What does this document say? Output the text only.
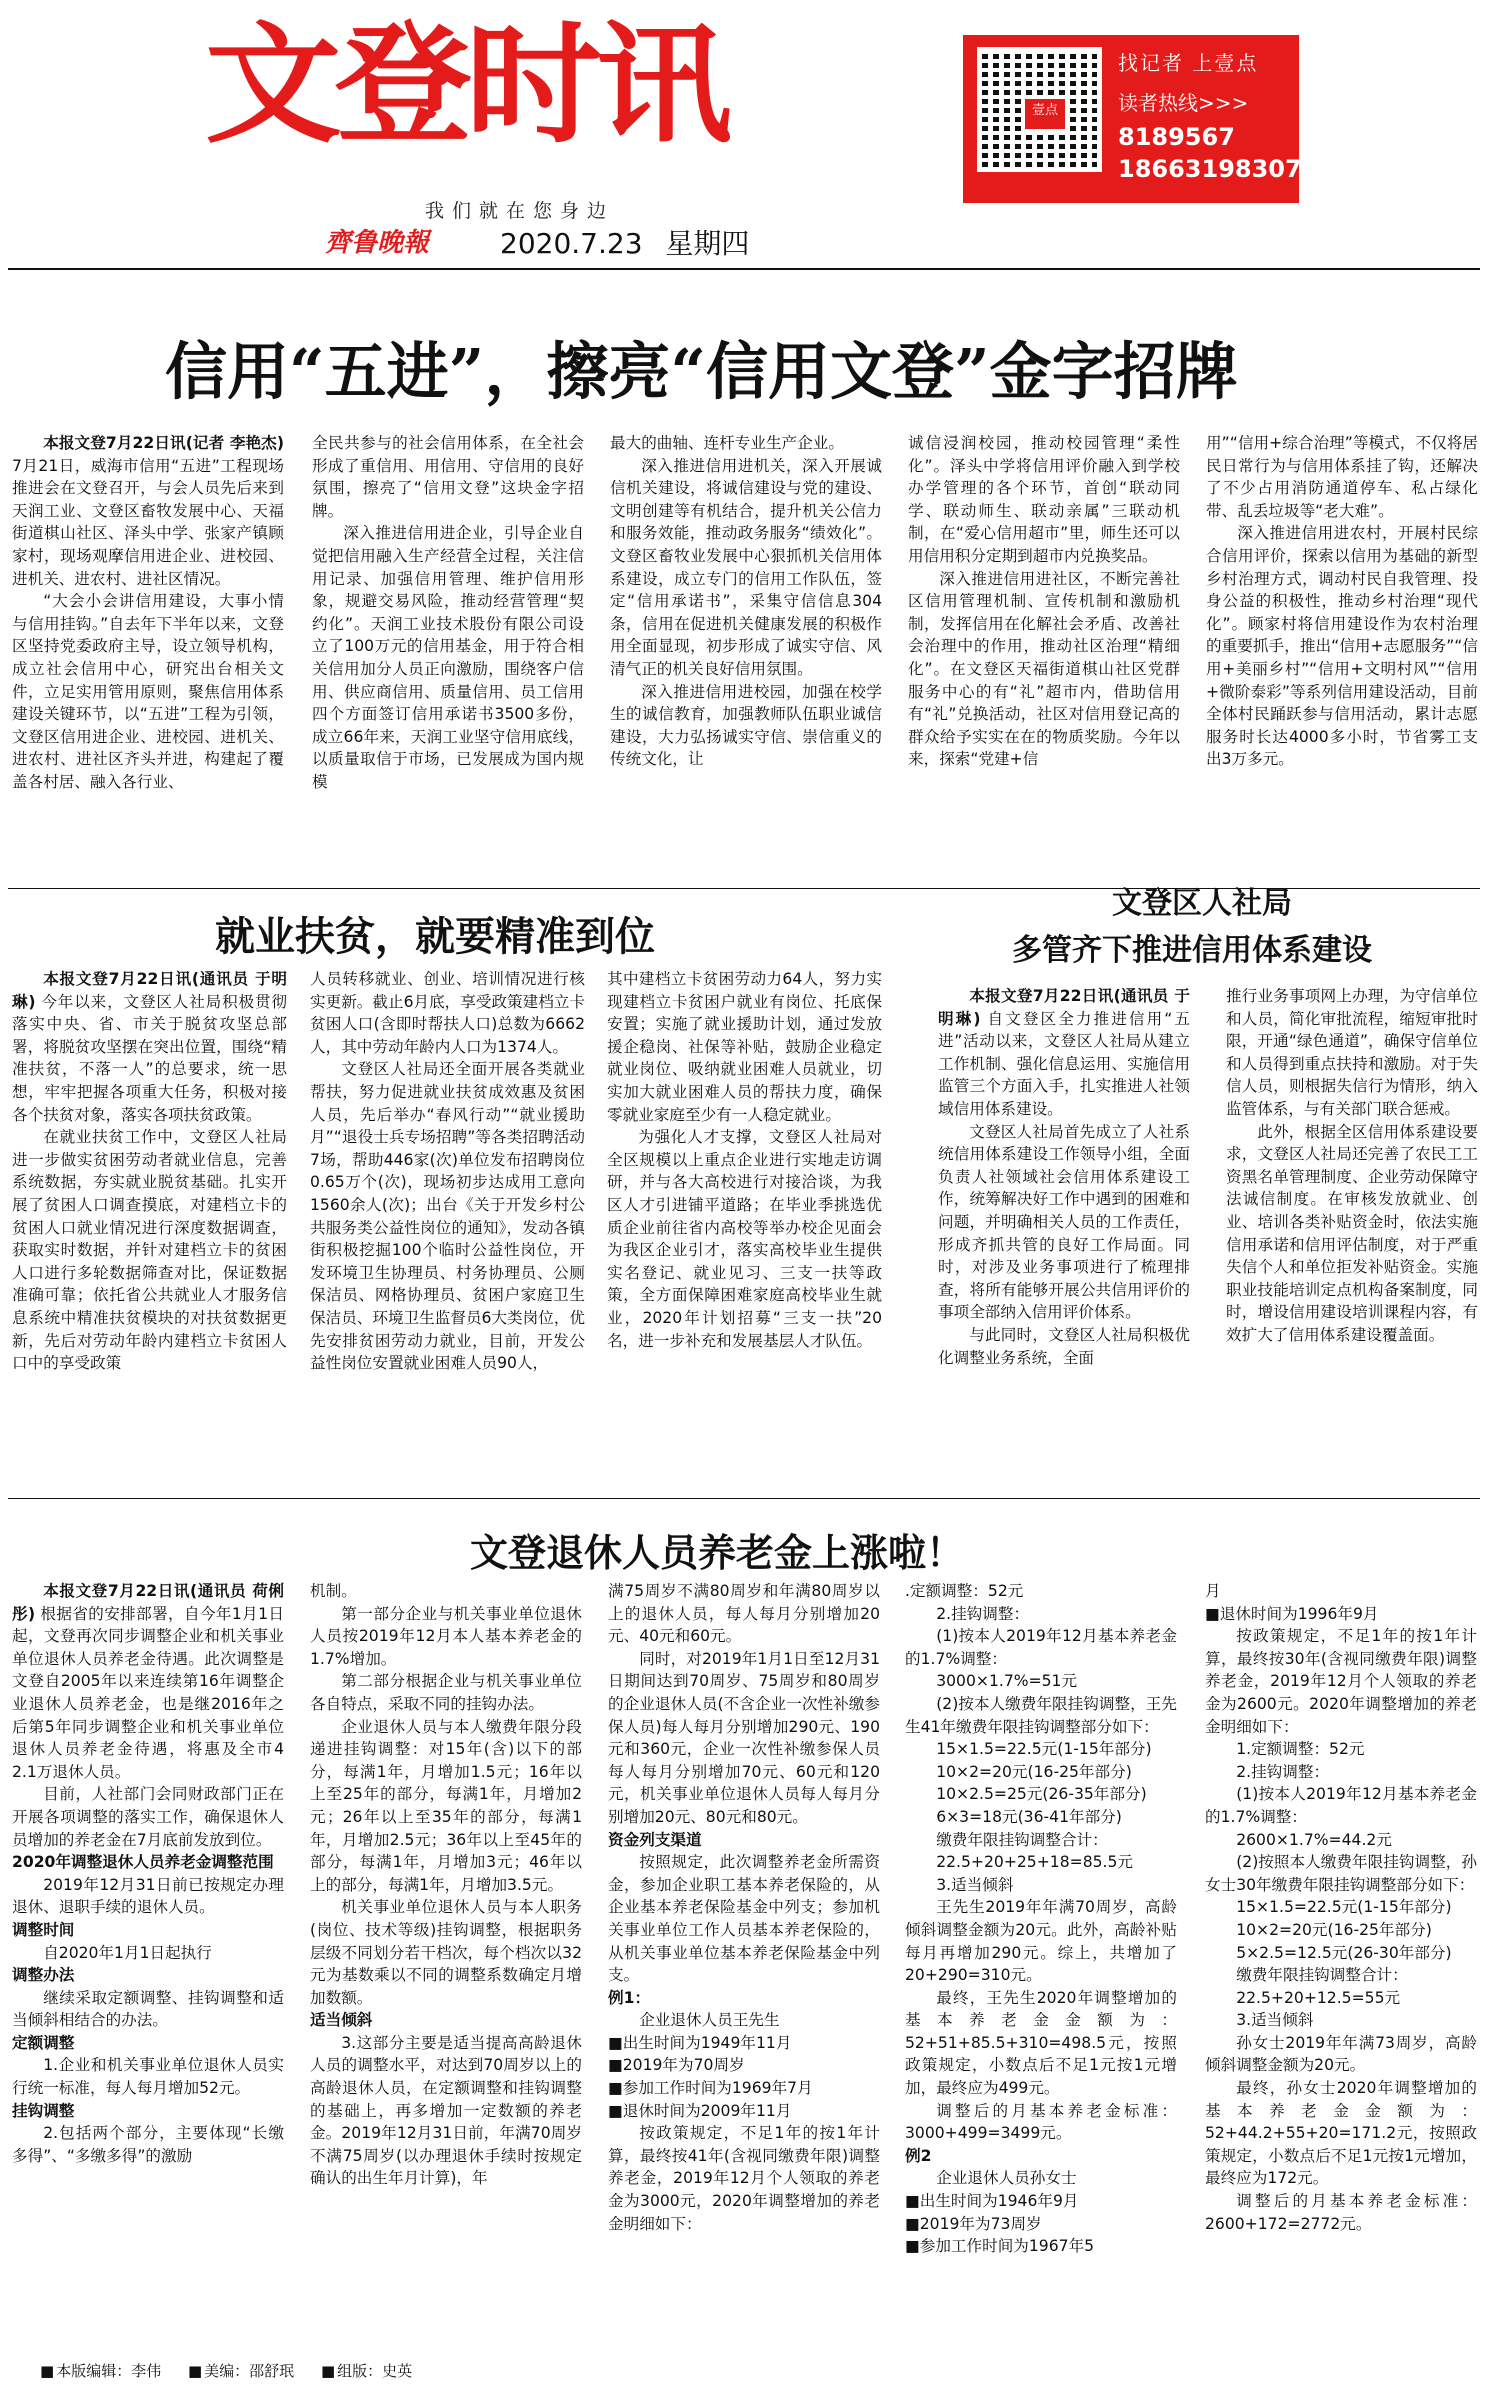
文登时讯	壹点
找记者 上壹点
读者热线>>>
8189567
18663198307
我们就在您身边
齊鲁晚報	2020.7.23 星期四
信用“五进”，擦亮“信用文登”金字招牌

本报文登7月22日讯(记者 李艳杰) 7月21日，威海市信用“五进”工程现场推进会在文登召开，与会人员先后来到天润工业、文登区畜牧发展中心、天福街道棋山社区、泽头中学、张家产镇顾家村，现场观摩信用进企业、进校园、进机关、进农村、进社区情况。

“大会小会讲信用建设，大事小情与信用挂钩。”自去年下半年以来，文登区坚持党委政府主导，设立领导机构，成立社会信用中心，研究出台相关文件，立足实用管用原则，聚焦信用体系建设关键环节，以“五进”工程为引领，文登区信用进企业、进校园、进机关、进农村、进社区齐头并进，构建起了覆盖各村居、融入各行业、

全民共参与的社会信用体系，在全社会形成了重信用、用信用、守信用的良好氛围，擦亮了“信用文登”这块金字招牌。

深入推进信用进企业，引导企业自觉把信用融入生产经营全过程，关注信用记录、加强信用管理、维护信用形象，规避交易风险，推动经营管理“契约化”。天润工业技术股份有限公司设立了100万元的信用基金，用于符合相关信用加分人员正向激励，围绕客户信用、供应商信用、质量信用、员工信用四个方面签订信用承诺书3500多份，成立66年来，天润工业坚守信用底线，以质量取信于市场，已发展成为国内规模

最大的曲轴、连杆专业生产企业。

深入推进信用进机关，深入开展诚信机关建设，将诚信建设与党的建设、文明创建等有机结合，提升机关公信力和服务效能，推动政务服务“绩效化”。文登区畜牧业发展中心狠抓机关信用体系建设，成立专门的信用工作队伍，签定“信用承诺书”，采集守信信息304条，信用在促进机关健康发展的积极作用全面显现，初步形成了诚实守信、风清气正的机关良好信用氛围。

深入推进信用进校园，加强在校学生的诚信教育，加强教师队伍职业诚信建设，大力弘扬诚实守信、崇信重义的传统文化，让

诚信浸润校园，推动校园管理“柔性化”。泽头中学将信用评价融入到学校办学管理的各个环节，首创“联动同学、联动师生、联动亲属”三联动机制，在“爱心信用超市”里，师生还可以用信用积分定期到超市内兑换奖品。

深入推进信用进社区，不断完善社区信用管理机制、宣传机制和激励机制，发挥信用在化解社会矛盾、改善社会治理中的作用，推动社区治理“精细化”。在文登区天福街道棋山社区党群服务中心的有“礼”超市内，借助信用有“礼”兑换活动，社区对信用登记高的群众给予实实在在的物质奖励。今年以来，探索“党建+信

用”“信用+综合治理”等模式，不仅将居民日常行为与信用体系挂了钩，还解决了不少占用消防通道停车、私占绿化带、乱丢垃圾等“老大难”。

深入推进信用进农村，开展村民综合信用评价，探索以信用为基础的新型乡村治理方式，调动村民自我管理、投身公益的积极性，推动乡村治理“现代化”。顾家村将信用建设作为农村治理的重要抓手，推出“信用+志愿服务”“信用+美丽乡村”“信用+文明村风”“信用+微阶泰彩”等系列信用建设活动，目前全体村民踊跃参与信用活动，累计志愿服务时长达4000多小时，节省雾工支出3万多元。

就业扶贫，就要精准到位

本报文登7月22日讯(通讯员 于明琳) 今年以来，文登区人社局积极贯彻落实中央、省、市关于脱贫攻坚总部署，将脱贫攻坚摆在突出位置，围绕“精准扶贫，不落一人”的总要求，统一思想，牢牢把握各项重大任务，积极对接各个扶贫对象，落实各项扶贫政策。

在就业扶贫工作中，文登区人社局进一步做实贫困劳动者就业信息，完善系统数据，夯实就业脱贫基础。扎实开展了贫困人口调查摸底，对建档立卡的贫困人口就业情况进行深度数据调查，获取实时数据，并针对建档立卡的贫困人口进行多轮数据筛查对比，保证数据准确可靠；依托省公共就业人才服务信息系统中精准扶贫模块的对扶贫数据更新，先后对劳动年龄内建档立卡贫困人口中的享受政策

人员转移就业、创业、培训情况进行核实更新。截止6月底，享受政策建档立卡贫困人口(含即时帮扶人口)总数为6662人，其中劳动年龄内人口为1374人。

文登区人社局还全面开展各类就业帮扶，努力促进就业扶贫成效惠及贫困人员，先后举办“春风行动”“就业援助月”“退役士兵专场招聘”等各类招聘活动7场，帮助446家(次)单位发布招聘岗位0.65万个(次)，现场初步达成用工意向1560余人(次)；出台《关于开发乡村公共服务类公益性岗位的通知》，发动各镇街积极挖掘100个临时公益性岗位，开发环境卫生协理员、村务协理员、公厕保洁员、网格协理员、贫困户家庭卫生保洁员、环境卫生监督员6大类岗位，优先安排贫困劳动力就业，目前，开发公益性岗位安置就业困难人员90人，

其中建档立卡贫困劳动力64人，努力实现建档立卡贫困户就业有岗位、托底保安置；实施了就业援助计划，通过发放援企稳岗、社保等补贴，鼓励企业稳定就业岗位、吸纳就业困难人员就业，切实加大就业困难人员的帮扶力度，确保零就业家庭至少有一人稳定就业。

为强化人才支撑，文登区人社局对全区规模以上重点企业进行实地走访调研，并与各大高校进行对接洽谈，为我区人才引进铺平道路；在毕业季挑选优质企业前往省内高校等举办校企见面会为我区企业引才，落实高校毕业生提供实名登记、就业见习、三支一扶等政策，全方面保障困难家庭高校毕业生就业，2020年计划招募“三支一扶”20名，进一步补充和发展基层人才队伍。

文登区人社局
多管齐下推进信用体系建设

本报文登7月22日讯(通讯员 于明琳) 自文登区全力推进信用“五进”活动以来，文登区人社局从建立工作机制、强化信息运用、实施信用监管三个方面入手，扎实推进人社领域信用体系建设。

文登区人社局首先成立了人社系统信用体系建设工作领导小组，全面负责人社领域社会信用体系建设工作，统筹解决好工作中遇到的困难和问题，并明确相关人员的工作责任，形成齐抓共管的良好工作局面。同时，对涉及业务事项进行了梳理排查，将所有能够开展公共信用评价的事项全部纳入信用评价体系。

与此同时，文登区人社局积极优化调整业务系统，全面

推行业务事项网上办理，为守信单位和人员，简化审批流程，缩短审批时限，开通“绿色通道”，确保守信单位和人员得到重点扶持和激励。对于失信人员，则根据失信行为情形，纳入监管体系，与有关部门联合惩戒。

此外，根据全区信用体系建设要求，文登区人社局还完善了农民工工资黑名单管理制度、企业劳动保障守法诚信制度。在审核发放就业、创业、培训各类补贴资金时，依法实施信用承诺和信用评估制度，对于严重失信个人和单位拒发补贴资金。实施职业技能培训定点机构备案制度，同时，增设信用建设培训课程内容，有效扩大了信用体系建设覆盖面。

文登退休人员养老金上涨啦！

本报文登7月22日讯(通讯员 荷俐彤) 根据省的安排部署，自今年1月1日起，文登再次同步调整企业和机关事业单位退休人员养老金待遇。此次调整是文登自2005年以来连续第16年调整企业退休人员养老金，也是继2016年之后第5年同步调整企业和机关事业单位退休人员养老金待遇，将惠及全市4 2.1万退休人员。

目前，人社部门会同财政部门正在开展各项调整的落实工作，确保退休人员增加的养老金在7月底前发放到位。

2020年调整退休人员养老金调整范围

2019年12月31日前已按规定办理退休、退职手续的退休人员。

调整时间

自2020年1月1日起执行

调整办法

继续采取定额调整、挂钩调整和适当倾斜相结合的办法。

定额调整

1.企业和机关事业单位退休人员实行统一标准，每人每月增加52元。

挂钩调整

2.包括两个部分，主要体现“长缴多得”、“多缴多得”的激励

机制。

第一部分企业与机关事业单位退休人员按2019年12月本人基本养老金的1.7%增加。

第二部分根据企业与机关事业单位各自特点，采取不同的挂钩办法。

企业退休人员与本人缴费年限分段递进挂钩调整：对15年(含)以下的部分，每满1年，月增加1.5元；16年以上至25年的部分，每满1年，月增加2元；26年以上至35年的部分，每满1年，月增加2.5元；36年以上至45年的部分，每满1年，月增加3元；46年以上的部分，每满1年，月增加3.5元。

机关事业单位退休人员与本人职务(岗位、技术等级)挂钩调整，根据职务层级不同划分若干档次，每个档次以32元为基数乘以不同的调整系数确定月增加数额。

适当倾斜

3.这部分主要是适当提高高龄退休人员的调整水平，对达到70周岁以上的高龄退休人员，在定额调整和挂钩调整的基础上，再多增加一定数额的养老金。2019年12月31日前，年满70周岁不满75周岁(以办理退休手续时按规定确认的出生年月计算)，年

满75周岁不满80周岁和年满80周岁以上的退休人员，每人每月分别增加20元、40元和60元。

同时，对2019年1月1日至12月31日期间达到70周岁、75周岁和80周岁的企业退休人员(不含企业一次性补缴参保人员)每人每月分别增加290元、190元和360元，企业一次性补缴参保人员每人每月分别增加70元、60元和120元，机关事业单位退休人员每人每月分别增加20元、80元和80元。

资金列支渠道

按照规定，此次调整养老金所需资金，参加企业职工基本养老保险的，从企业基本养老保险基金中列支；参加机关事业单位工作人员基本养老保险的，从机关事业单位基本养老保险基金中列支。

例1：

企业退休人员王先生

■出生时间为1949年11月

■2019年为70周岁

■参加工作时间为1969年7月

■退休时间为2009年11月

按政策规定，不足1年的按1年计算，最终按41年(含视同缴费年限)调整养老金，2019年12月个人领取的养老金为3000元，2020年调整增加的养老金明细如下：

.定额调整：52元

2.挂钩调整：

(1)按本人2019年12月基本养老金的1.7%调整：

3000×1.7%=51元

(2)按本人缴费年限挂钩调整，王先生41年缴费年限挂钩调整部分如下：

15×1.5=22.5元(1-15年部分)

10×2=20元(16-25年部分)

10×2.5=25元(26-35年部分)

6×3=18元(36-41年部分)

缴费年限挂钩调整合计：

22.5+20+25+18=85.5元

3.适当倾斜

王先生2019年年满70周岁，高龄倾斜调整金额为20元。此外，高龄补贴每月再增加290元。综上，共增加了20+290=310元。

最终，王先生2020年调整增加的基本养老金金额为：52+51+85.5+310=498.5元，按照政策规定，小数点后不足1元按1元增加，最终应为499元。

调整后的月基本养老金标准：3000+499=3499元。

例2

企业退休人员孙女士

■出生时间为1946年9月

■2019年为73周岁

■参加工作时间为1967年5

月

■退休时间为1996年9月

按政策规定，不足1年的按1年计算，最终按30年(含视同缴费年限)调整养老金，2019年12月个人领取的养老金为2600元。2020年调整增加的养老金明细如下：

1.定额调整：52元

2.挂钩调整：

(1)按本人2019年12月基本养老金的1.7%调整：

2600×1.7%=44.2元

(2)按照本人缴费年限挂钩调整，孙女士30年缴费年限挂钩调整部分如下：

15×1.5=22.5元(1-15年部分)

10×2=20元(16-25年部分)

5×2.5=12.5元(26-30年部分)

缴费年限挂钩调整合计：

22.5+20+12.5=55元

3.适当倾斜

孙女士2019年年满73周岁，高龄倾斜调整金额为20元。

最终，孙女士2020年调整增加的基本养老金金额为：52+44.2+55+20=171.2元，按照政策规定，小数点后不足1元按1元增加，最终应为172元。

调整后的月基本养老金标准：2600+172=2772元。

■ 本版编辑：李伟	■ 美编：邵舒珉	■ 组版：史英
